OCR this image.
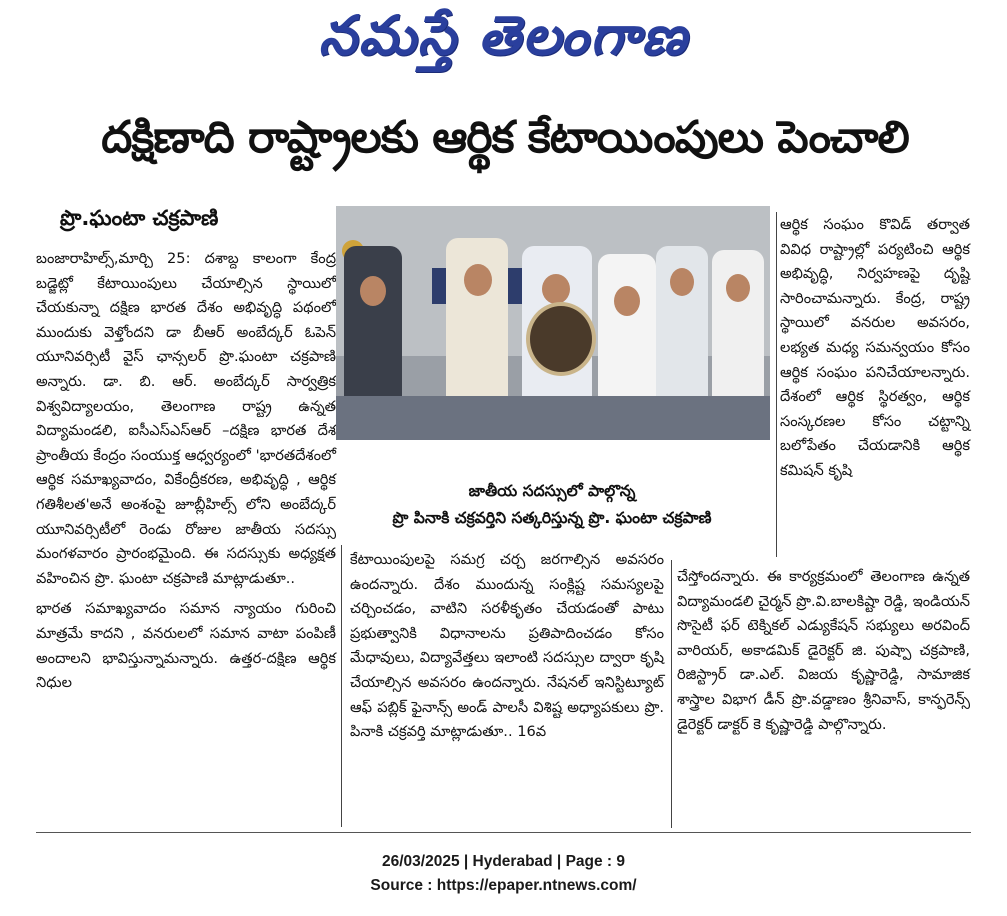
నమస్తే తెలంగాణ
దక్షిణాది రాష్ట్రాలకు ఆర్థిక కేటాయింపులు పెంచాలి
ప్రొ.ఘంటా చక్రపాణి

బంజారాహిల్స్,మార్చి 25: దశాబ్ద కాలంగా కేంద్ర బడ్జెట్లో కేటాయింపులు చేయాల్సిన స్థాయిలో చేయకున్నా దక్షిణ భారత దేశం అభివృద్ధి పథంలో ముందుకు వెళ్తోందని డా బీఆర్ అంబేద్కర్ ఓపెన్ యూనివర్సిటీ వైస్ ఛాన్సలర్ ప్రొ.ఘంటా చక్రపాణి అన్నారు. డా. బి. ఆర్. అంబేద్కర్ సార్వత్రిక విశ్వవిద్యాలయం, తెలంగాణ రాష్ట్ర ఉన్నత విద్యామండలి, ఐసీఎస్ఎస్ఆర్ –దక్షిణ భారత దేశ ప్రాంతీయ కేంద్రం సంయుక్త ఆధ్వర్యంలో 'భారతదేశంలో ఆర్థిక సమాఖ్యవాదం, వికేంద్రీకరణ, అభివృద్ధి , ఆర్థిక గతిశీలత'అనే అంశంపై జూబ్లీహిల్స్ లోని అంబేద్కర్ యూనివర్సిటీలో రెండు రోజుల జాతీయ సదస్సు మంగళవారం ప్రారంభమైంది. ఈ సదస్సుకు అధ్యక్షత వహించిన ప్రొ. ఘంటా చక్రపాణి మాట్లాడుతూ..

భారత సమాఖ్యవాదం సమాన న్యాయం గురించి మాత్రమే కాదని , వనరులలో సమాన వాటా పంపిణీ అందాలని భావిస్తున్నామన్నారు. ఉత్తర-దక్షిణ ఆర్థిక నిధుల

జాతీయ సదస్సులో పాల్గొన్న
ప్రొ పినాకి చక్రవర్తిని సత్కరిస్తున్న ప్రొ. ఘంటా చక్రపాణి

కేటాయింపులపై సమగ్ర చర్చ జరగాల్సిన అవసరం ఉందన్నారు. దేశం ముందున్న సంక్లిష్ట సమస్యలపై చర్చించడం, వాటిని సరళీకృతం చేయడంతో పాటు ప్రభుత్వానికి విధానాలను ప్రతిపాదించడం కోసం మేధావులు, విద్యావేత్తలు ఇలాంటి సదస్సుల ద్వారా కృషి చేయాల్సిన అవసరం ఉందన్నారు. నేషనల్ ఇనిస్టిట్యూట్ ఆఫ్ పబ్లిక్ ఫైనాన్స్ అండ్ పాలసీ విశిష్ట అధ్యాపకులు ప్రొ. పినాకి చక్రవర్తి మాట్లాడుతూ.. 16వ

ఆర్థిక సంఘం కొవిడ్ తర్వాత వివిధ రాష్ట్రాల్లో పర్యటించి ఆర్థిక అభివృద్ధి, నిర్వహణపై దృష్టి సారించామన్నారు. కేంద్ర, రాష్ట్ర స్థాయిలో వనరుల అవసరం, లభ్యత మధ్య సమన్వయం కోసం ఆర్థిక సంఘం పనిచేయాలన్నారు. దేశంలో ఆర్థిక స్థిరత్వం, ఆర్థిక సంస్కరణల కోసం చట్టాన్ని బలోపేతం చేయడానికి ఆర్థిక కమిషన్ కృషి

చేస్తోందన్నారు. ఈ కార్యక్రమంలో తెలంగాణ ఉన్నత విద్యామండలి చైర్మన్ ప్రొ.వి.బాలకిష్టా రెడ్డి, ఇండియన్ సొసైటీ ఫర్ టెక్నికల్ ఎడ్యుకేషన్ సభ్యులు అరవింద్ వారియర్, అకాడమిక్ డైరెక్టర్ జి. పుష్పా చక్రపాణి, రిజిస్ట్రార్ డా.ఎల్. విజయ కృష్ణారెడ్డి, సామాజిక శాస్త్రాల విభాగ డీన్ ప్రొ.వడ్డాణం శ్రీనివాస్, కాన్ఫరెన్స్ డైరెక్టర్ డాక్టర్ కె కృష్ణారెడ్డి పాల్గొన్నారు.

26/03/2025 | Hyderabad | Page : 9
Source : https://epaper.ntnews.com/
